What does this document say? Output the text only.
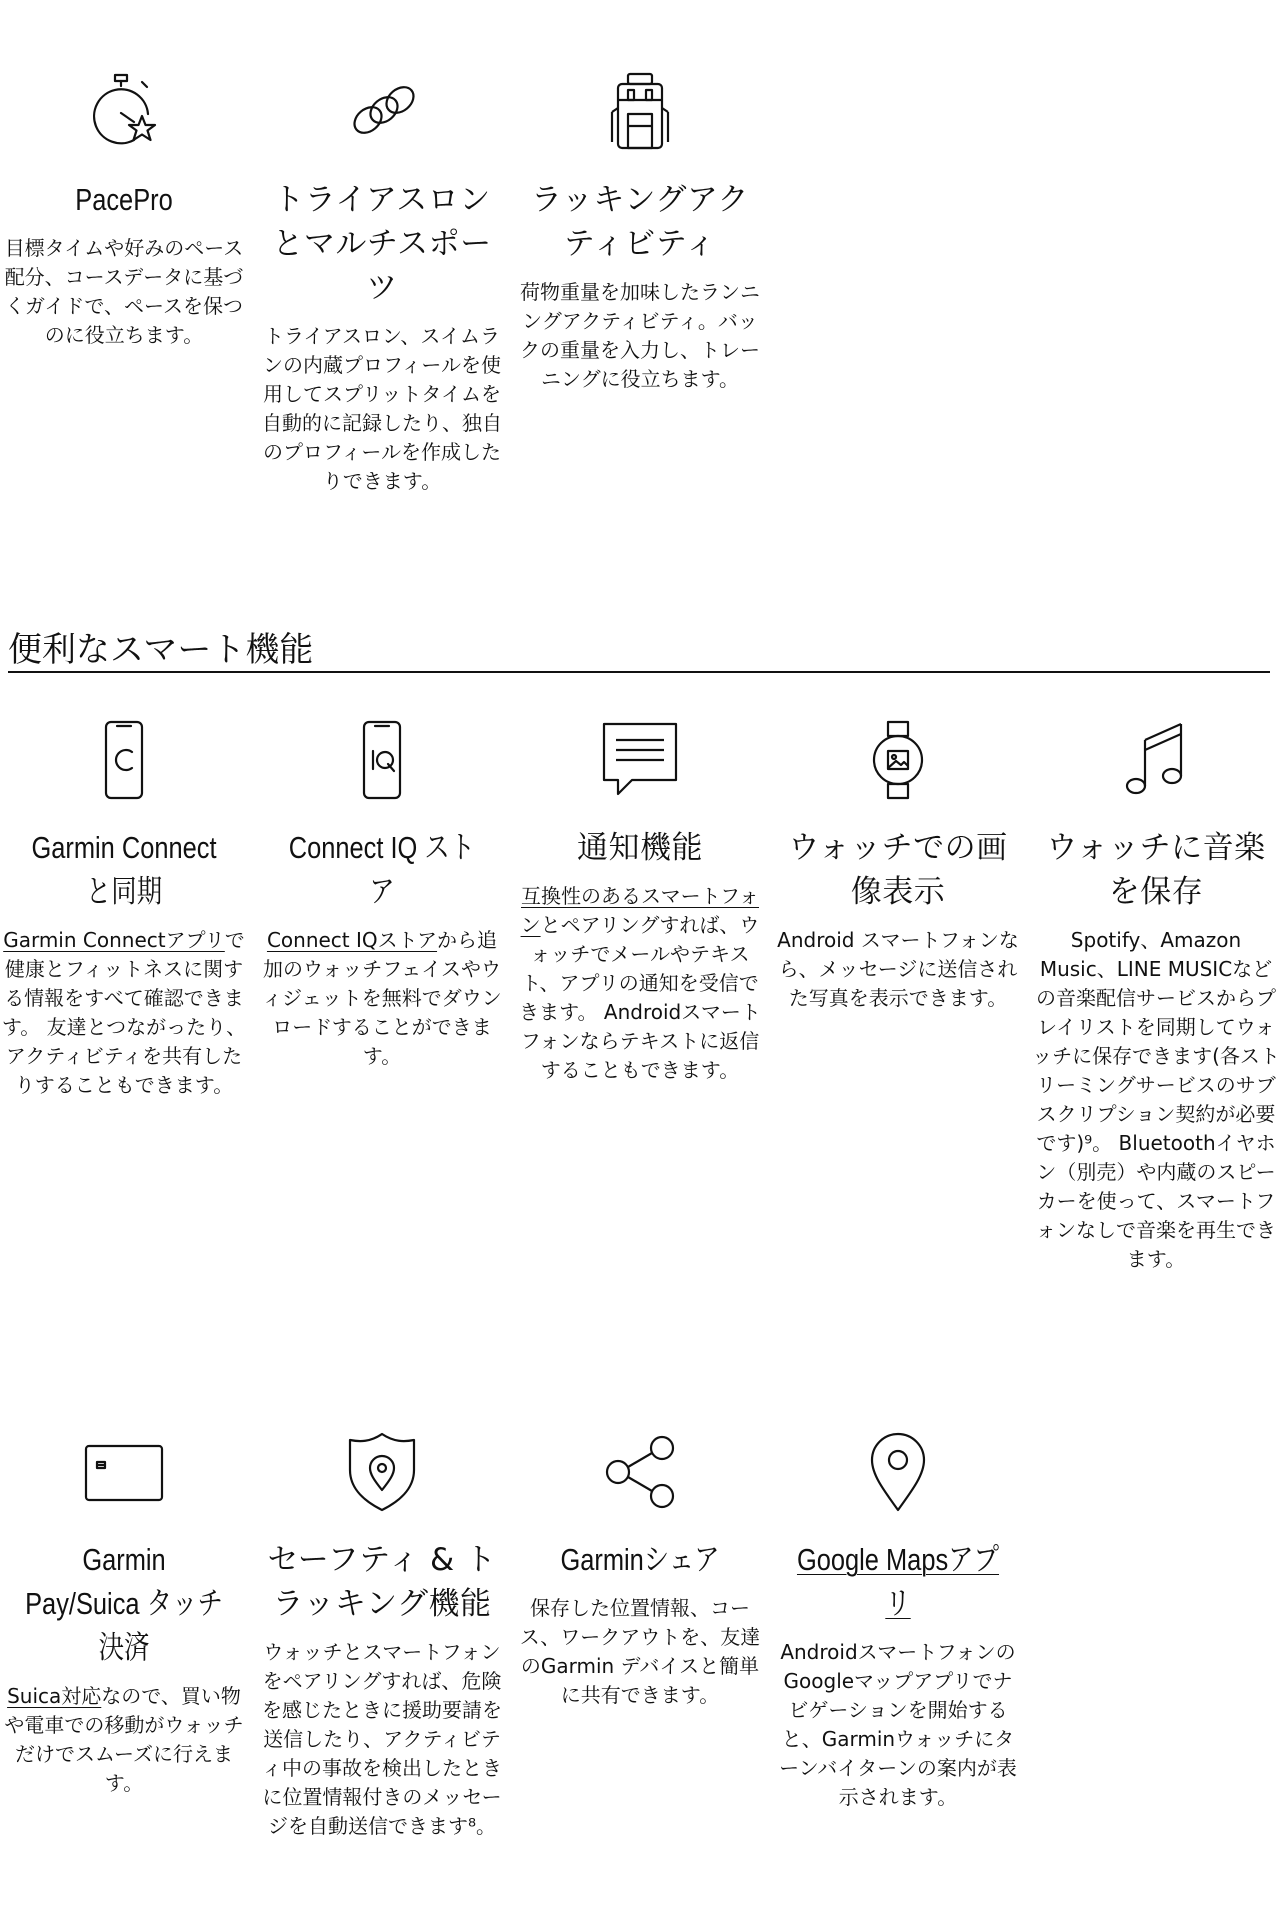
PacePro

目標タイムや好みのペース配分、コースデータに基づくガイドで、ペースを保つのに役立ちます。

トライアスロンとマルチスポーツ

トライアスロン、スイムランの内蔵プロフィールを使用してスプリットタイムを自動的に記録したり、独自のプロフィールを作成したりできます。

ラッキングアクティビティ

荷物重量を加味したランニングアクティビティ。バックの重量を入力し、トレーニングに役立ちます。

便利なスマート機能
Garmin Connect と同期

Garmin Connectアプリで健康とフィットネスに関する情報をすべて確認できます。 友達とつながったり、アクティビティを共有したりすることもできます。

Connect IQ ストア

Connect IQストアから追加のウォッチフェイスやウィジェットを無料でダウンロードすることができます。

通知機能

互換性のあるスマートフォンとペアリングすれば、ウォッチでメールやテキスト、アプリの通知を受信できます。 Androidスマートフォンならテキストに返信することもできます。

ウォッチでの画像表示

Android スマートフォンなら、メッセージに送信された写真を表示できます。

ウォッチに音楽を保存

Spotify、Amazon Music、LINE MUSICなどの音楽配信サービスからプレイリストを同期してウォッチに保存できます(各ストリーミングサービスのサブスクリプション契約が必要です)⁹。 Bluetoothイヤホン（別売）や内蔵のスピーカーを使って、スマートフォンなしで音楽を再生できます。

Garmin Pay/Suica タッチ決済

Suica対応なので、買い物や電車での移動がウォッチだけでスムーズに行えます。

セーフティ & トラッキング機能

ウォッチとスマートフォンをペアリングすれば、危険を感じたときに援助要請を送信したり、アクティビティ中の事故を検出したときに位置情報付きのメッセージを自動送信できます⁸。

Garminシェア

保存した位置情報、コース、ワークアウトを、友達のGarmin デバイスと簡単に共有できます。

Google Mapsアプリ

AndroidスマートフォンのGoogleマップアプリでナビゲーションを開始すると、Garminウォッチにターンバイターンの案内が表示されます。
